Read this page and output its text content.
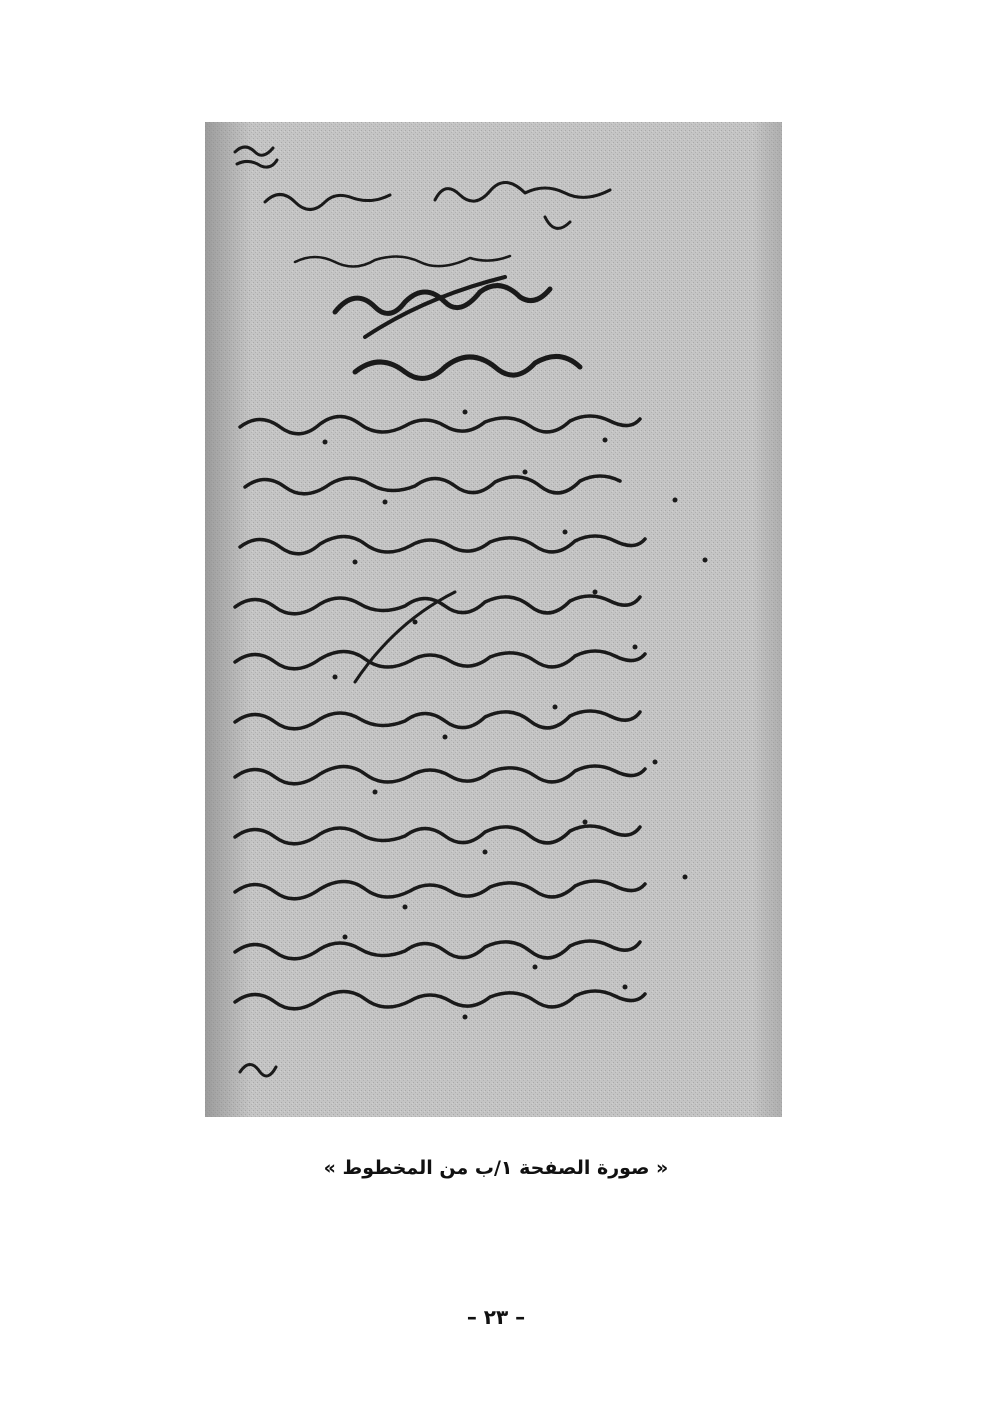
« صورة الصفحة ١/ب من المخطوط »
– ٢٣ –
